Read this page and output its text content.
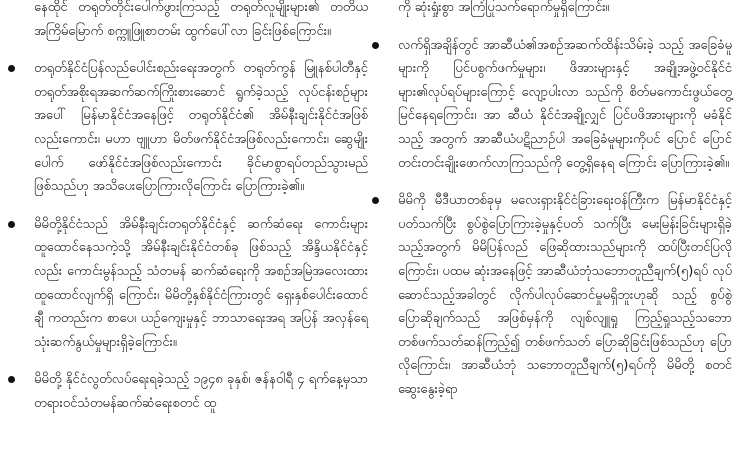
နေထိုင် တရုတ်တိုင်းပေါက်ဖွားကြသည့် တရုတ်လူမျိုးများ၏ တတိယအကြိမ်မြောက် စက္ကူဖြူစာတမ်း ထွက်ပေါ်လာ ခြင်းဖြစ်ကြောင်း။

တရုတ်နိုင်ငံပြန်လည်ပေါင်းစည်းရေးအတွက် တရုတ်ကွန် မြူနစ်ပါတီနှင့် တရုတ်အစိုးရအဆက်ဆက်ကြိုးစားဆောင် ရွက်ခဲ့သည့် လုပ်ငန်းစဉ်များအပေါ် မြန်မာနိုင်ငံအနေဖြင့် တရုတ်နိုင်ငံ၏ အိမ်နီးချင်းနိုင်ငံအဖြစ်လည်းကောင်း၊ မဟာ ဗျူဟာ မိတ်ဖက်နိုင်ငံအဖြစ်လည်းကောင်း၊ ဆွေမျိုးပေါက် ဖော်နိုင်ငံအဖြစ်လည်းကောင်း ခိုင်မာစွာရပ်တည်သွားမည် ဖြစ်သည်ဟု အသိပေးပြောကြားလိုကြောင်း ပြောကြားခဲ့၏။

မိမိတို့နိုင်ငံသည် အိမ်နီးချင်းတရုတ်နိုင်ငံနှင့် ဆက်ဆံရေး ကောင်းများ ထူထောင်နေသကဲ့သို့ အိမ်နီးချင်းနိုင်ငံတစ်ခု ဖြစ်သည့် အိန္ဒိယနိုင်ငံနှင့်လည်း ကောင်းမွန်သည့် သံတမန် ဆက်ဆံရေးကို အစဉ်အမြဲအလေးထားထူထောင်လျက်ရှိ ကြောင်း၊ မိမိတို့နှစ်နိုင်ငံကြားတွင် ရှေးနှစ်ပေါင်းထောင်ချီ ကတည်းက စာပေ၊ ယဉ်ကျေးမှုနှင့် ဘာသာရေးအရ အပြန် အလှန်ရေသုံးဆက်နွယ်မှုများရှိခဲ့ကြောင်း။

မိမိတို့ နိုင်ငံလွတ်လပ်ရေးရခဲ့သည့် ၁၉၄၈ ခုနှစ်၊ ဇန်နဝါရီ ၄ ရက်နေ့မှသာ တရားဝင်သံတမန်ဆက်ဆံရေးစတင် ထူ

ကို ဆုံးရှုံးစွာ အကြံပြုသက်ရောက်မှုရှိကြောင်း။

လက်ရှိအချိန်တွင် အာဆီယံ၏အစဉ်အဆက်ထိန်းသိမ်းခဲ့ သည့် အခြေခံမူများကို ပြင်ပစွက်ဖက်မှုများ၊ ဖိအားများနှင့် အချို့အဖွဲ့ဝင်နိုင်ငံများ၏လုပ်ရပ်များကြောင့် လျော့ပါးလာ သည်ကို စိတ်မကောင်းဖွယ်တွေ့မြင်နေရကြောင်း၊ အာ ဆီယံ နိုင်ငံအချို့လျှင် ပြင်ပဖိအားများကို မခံနိုင်သည့် အတွက် အာဆီယံပဋိညာဉ်ပါ အခြေခံမူများကိုပင် ပြောင် ပြောင်တင်းတင်းချိုးဖောက်လာကြသည်ကို တွေ့ရှိနေရ ကြောင်း ပြောကြားခဲ့၏။

မိမိကို မီဒီယာတစ်ခုမှ မလေးရှားနိုင်ငံခြားရေးဝန်ကြီးက မြန်မာနိုင်ငံနှင့်ပတ်သက်ပြီး စွပ်စွဲပြောကြားခဲ့မှုနှင့်ပတ် သက်ပြီး မေးမြန်းခြင်းများရှိခဲ့သည့်အတွက် မိမိပြန်လည် ဖြေဆိုထားသည်များကို ထပ်ပြီးတင်ပြလိုကြောင်း၊ ပထမ ဆုံးအနေဖြင့် အာဆီယံဘုံသဘောတူညီချက်(၅)ရပ် လုပ် ဆောင်သည့်အခါတွင် လိုက်ပါလုပ်ဆောင်မှုမရှိဘူးဟုဆို သည့် စွပ်စွဲပြောဆိုချက်သည် အဖြစ်မှန်ကို လျစ်လျူရှု ကြည့်ရှုသည့်သဘော တစ်ဖက်သတ်ဆန်ကြည့်၍ တစ်ဖက်သတ် ပြောဆိုခြင်းဖြစ်သည်ဟု ပြောလိုကြောင်း၊ အာဆီယံဘုံ သဘောတူညီချက်(၅)ရပ်ကို မိမိတို့ စတင်ဆွေးနွေးခဲ့ရာ
